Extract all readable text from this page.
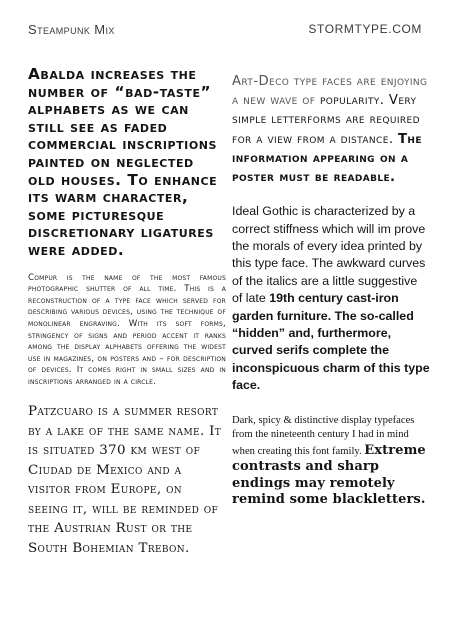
Steampunk Mix	STORMTYPE.COM

Abalda increases the number of “bad-taste” alphabets as we can still see as faded commercial inscriptions painted on neglected old houses. To enhance its warm character, some picturesque discretionary ligatures were added.

Compur is the name of the most famous photographic shutter of all time. This is a reconstruction of a type face which served for describing various devices, using the technique of monolinear engraving. With its soft forms, stringency of signs and period accent it ranks among the display alphabets offering the widest use in magazines, on posters and – for description of devices. It comes right in small sizes and in inscriptions arranged in a circle.

Patzcuaro is a summer resort by a lake of the same name. It is situated 370 km west of Ciudad de Mexico and a visitor from Europe, on seeing it, will be reminded of the Austrian Rust or the South Bohemian Trebon.

Art-Deco type faces are enjoying a new wave of popularity. Very simple letterforms are required for a view from a distance. The information appearing on a poster must be readable.

Ideal Gothic is characterized by a correct stiffness which will im prove the morals of every idea printed by this type face. The awkward curves of the italics are a little suggestive of late 19th century cast-iron garden furniture. The so-called “hidden” and, furthermore, curved serifs complete the inconspicuous charm of this type face.

Dark, spicy & distinctive display typefaces from the nineteenth century I had in mind when creating this font family. Extreme contrasts and sharp endings may remotely remind some blackletters.
